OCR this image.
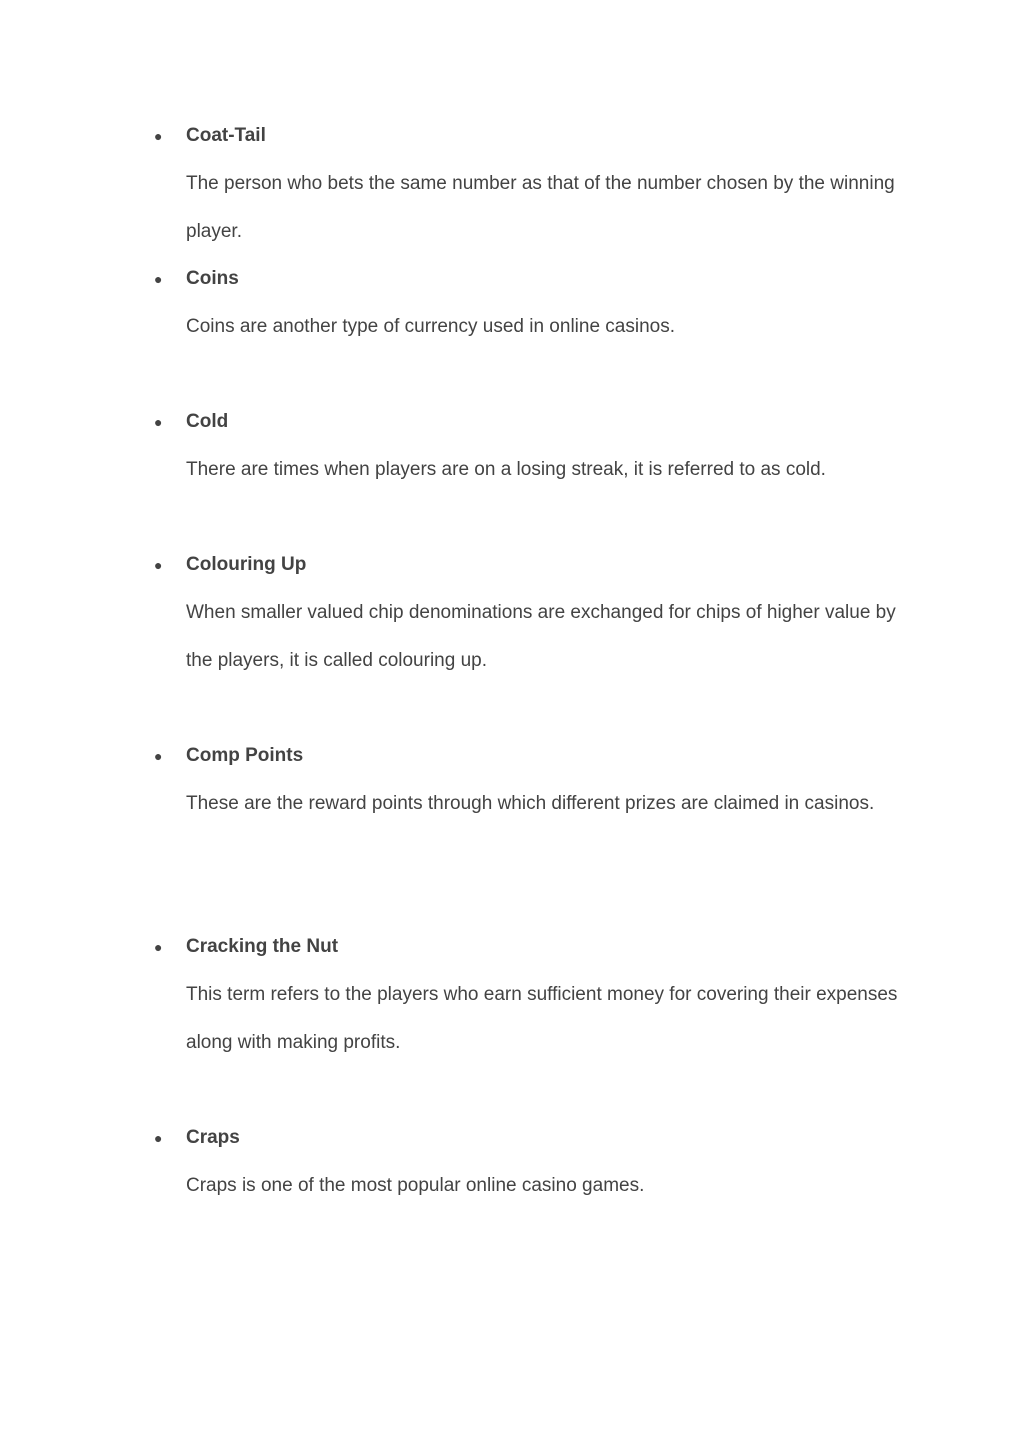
● Coat-Tail

The person who bets the same number as that of the number chosen by the winning player.

● Coins

Coins are another type of currency used in online casinos.

● Cold

There are times when players are on a losing streak, it is referred to as cold.

● Colouring Up

When smaller valued chip denominations are exchanged for chips of higher value by the players, it is called colouring up.

● Comp Points

These are the reward points through which different prizes are claimed in casinos.

● Cracking the Nut

This term refers to the players who earn sufficient money for covering their expenses along with making profits.

● Craps

Craps is one of the most popular online casino games.
